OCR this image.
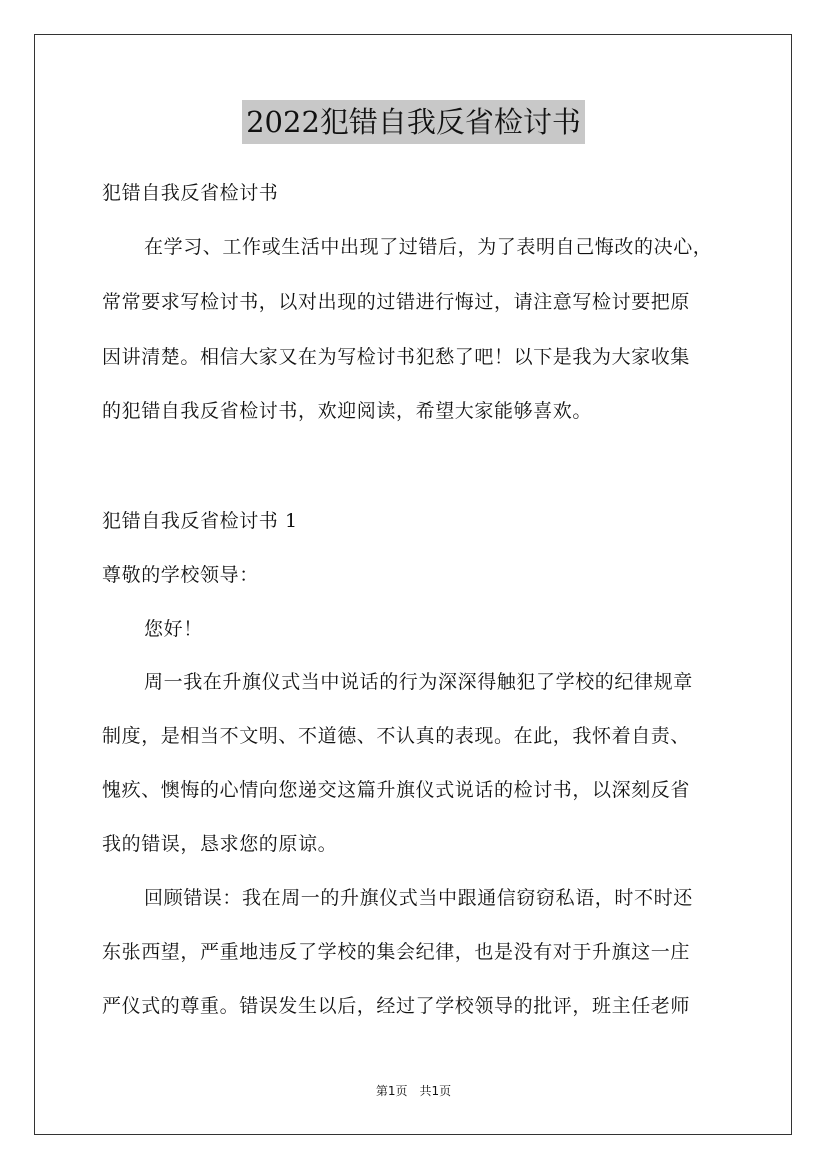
2022犯错自我反省检讨书
犯错自我反省检讨书
在学习、工作或生活中出现了过错后，为了表明自己悔改的决心，
常常要求写检讨书，以对出现的过错进行悔过，请注意写检讨要把原
因讲清楚。相信大家又在为写检讨书犯愁了吧！以下是我为大家收集
的犯错自我反省检讨书，欢迎阅读，希望大家能够喜欢。
犯错自我反省检讨书 1
尊敬的学校领导：
您好！
周一我在升旗仪式当中说话的行为深深得触犯了学校的纪律规章
制度，是相当不文明、不道德、不认真的表现。在此，我怀着自责、
愧疚、懊悔的心情向您递交这篇升旗仪式说话的检讨书，以深刻反省
我的错误，恳求您的原谅。
回顾错误：我在周一的升旗仪式当中跟通信窃窃私语，时不时还
东张西望，严重地违反了学校的集会纪律，也是没有对于升旗这一庄
严仪式的尊重。错误发生以后，经过了学校领导的批评，班主任老师
第1页　共1页
